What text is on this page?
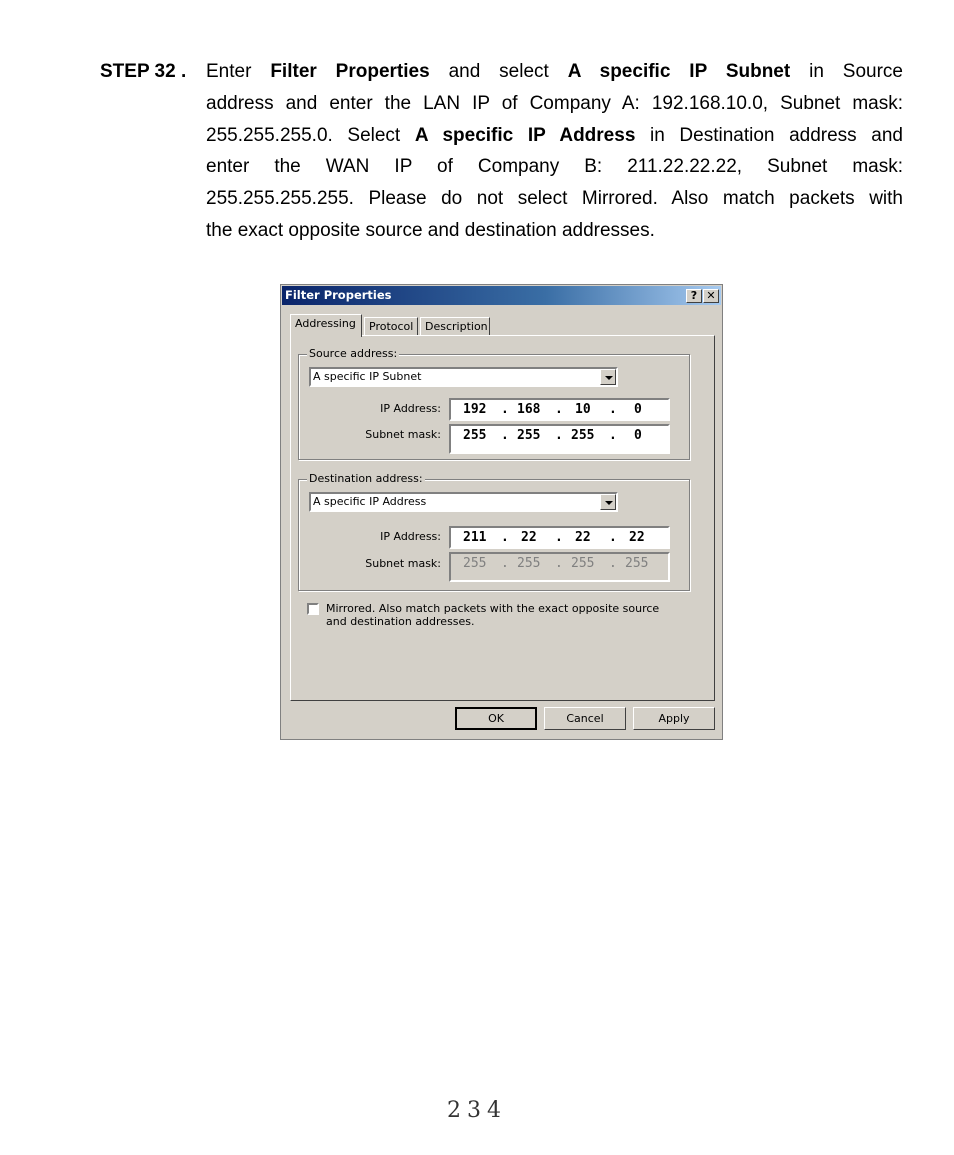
STEP 32 . Enter Filter Properties and select A specific IP Subnet in Source
address and enter the LAN IP of Company A: 192.168.10.0, Subnet mask:
255.255.255.0. Select A specific IP Address in Destination address and
enter the WAN IP of Company B: 211.22.22.22, Subnet mask:
255.255.255.255. Please do not select Mirrored. Also match packets with
the exact opposite source and destination addresses.
Filter Properties	? ✕
Addressing	Protocol	Description
Source address:
A specific IP Subnet
IP Address: 192 . 168 . 10 . 0
Subnet mask: 255 . 255 . 255 . 0
Destination address:
A specific IP Address
IP Address: 211 . 22 . 22 . 22
Subnet mask: 255 . 255 . 255 . 255
Mirrored. Also match packets with the exact opposite source and destination addresses.
OK	Cancel	Apply
234
